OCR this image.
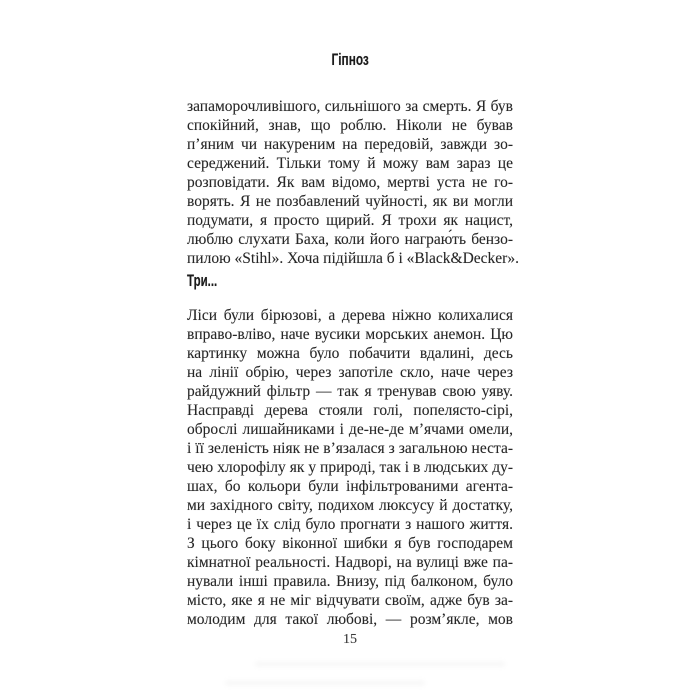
Гіпноз
запаморочливішого, сильнішого за смерть. Я був
спокійний, знав, що роблю. Ніколи не бував
п’яним чи накуреним на передовій, завжди зо-
середжений. Тільки тому й можу вам зараз це
розповідати. Як вам відомо, мертві уста не го-
ворять. Я не позбавлений чуйності, як ви могли
подумати, я просто щирий. Я трохи як нацист,
люблю слухати Баха, коли його награю́ть бензо-
пилою «Stihl». Хоча підійшла б і «Black&Decker».
Три...
Ліси були бірюзові, а дерева ніжно колихалися
вправо-вліво, наче вусики морських анемон. Цю
картинку можна було побачити вдалині, десь
на лінії обрію, через запотіле скло, наче через
райдужний фільтр — так я тренував свою уяву.
Насправді дерева стояли голі, попелясто-сірі,
оброслі лишайниками і де-не-де м’ячами омели,
і її зеленість ніяк не в’язалася з загальною неста-
чею хлорофілу як у природі, так і в людських ду-
шах, бо кольори були інфільтрованими агента-
ми західного світу, подихом люксусу й достатку,
і через це їх слід було прогнати з нашого життя.
З цього боку віконної шибки я був господарем
кімнатної реальності. Надворі, на вулиці вже па-
нували інші правила. Внизу, під балконом, було
місто, яке я не міг відчувати своїм, адже був за-
молодим для такої любові, — розм’якле, мов
15
